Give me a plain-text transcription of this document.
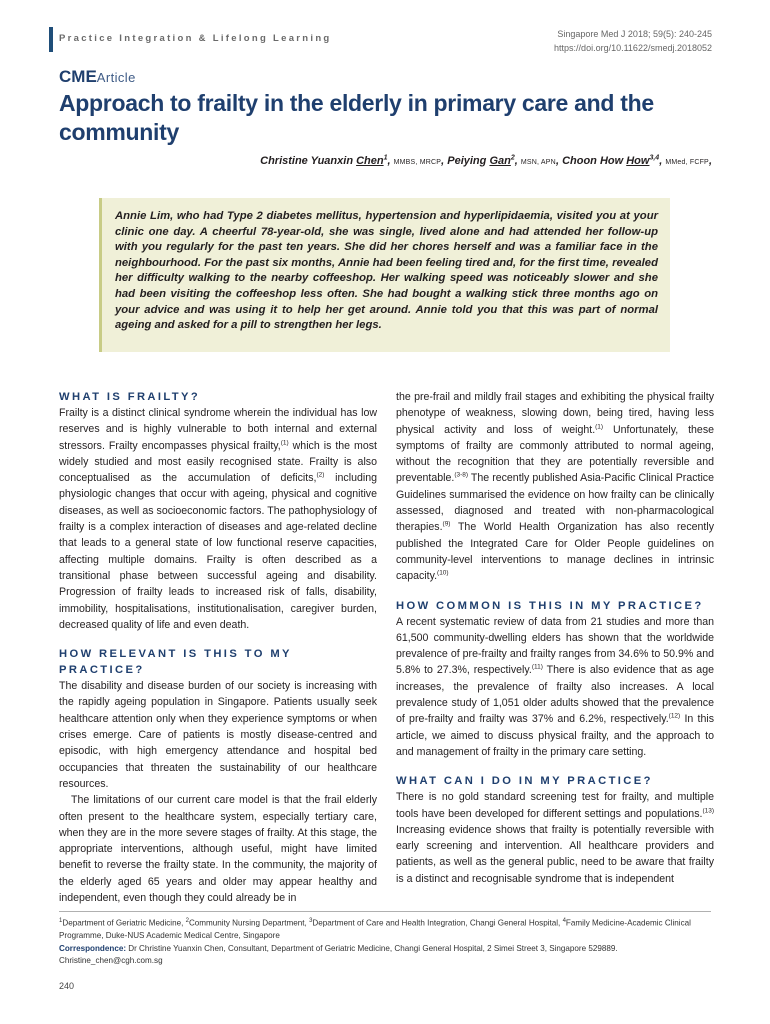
Practice Integration & Lifelong Learning	Singapore Med J 2018; 59(5): 240-245
https://doi.org/10.11622/smedj.2018052
CMEArticle
Approach to frailty in the elderly in primary care and the community
Christine Yuanxin Chen$^1$, MMBS, MRCP, Peiying Gan$^2$, MSN, APN, Choon How How$^{3,4}$, MMed, FCFP,

Annie Lim, who had Type 2 diabetes mellitus, hypertension and hyperlipidaemia, visited you at your clinic one day. A cheerful 78-year-old, she was single, lived alone and had attended her follow-up with you regularly for the past ten years. She did her chores herself and was a familiar face in the neighbourhood. For the past six months, Annie had been feeling tired and, for the first time, revealed her difficulty walking to the nearby coffeeshop. Her walking speed was noticeably slower and she had been visiting the coffeeshop less often. She had bought a walking stick three months ago on your advice and was using it to help her get around. Annie told you that this was part of normal ageing and asked for a pill to strengthen her legs.

WHAT IS FRAILTY?

Frailty is a distinct clinical syndrome wherein the individual has low reserves and is highly vulnerable to both internal and external stressors. Frailty encompasses physical frailty,$^{(1)}$ which is the most widely studied and most easily recognised state. Frailty is also conceptualised as the accumulation of deficits,$^{(2)}$ including physiologic changes that occur with ageing, physical and cognitive diseases, as well as socioeconomic factors. The pathophysiology of frailty is a complex interaction of diseases and age-related decline that leads to a general state of low functional reserve capacities, affecting multiple domains. Frailty is often described as a transitional phase between successful ageing and disability. Progression of frailty leads to increased risk of falls, disability, immobility, hospitalisations, institutionalisation, caregiver burden, decreased quality of life and even death.

HOW RELEVANT IS THIS TO MY PRACTICE?

The disability and disease burden of our society is increasing with the rapidly ageing population in Singapore. Patients usually seek healthcare attention only when they experience symptoms or when crises emerge. Care of patients is mostly disease-centred and episodic, with high emergency attendance and hospital bed occupancies that threaten the sustainability of our healthcare resources.

The limitations of our current care model is that the frail elderly often present to the healthcare system, especially tertiary care, when they are in the more severe stages of frailty. At this stage, the appropriate interventions, although useful, might have limited benefit to reverse the frailty state. In the community, the majority of the elderly aged 65 years and older may appear healthy and independent, even though they could already be in

the pre-frail and mildly frail stages and exhibiting the physical frailty phenotype of weakness, slowing down, being tired, having less physical activity and loss of weight.$^{(1)}$ Unfortunately, these symptoms of frailty are commonly attributed to normal ageing, without the recognition that they are potentially reversible and preventable.$^{(3-8)}$ The recently published Asia-Pacific Clinical Practice Guidelines summarised the evidence on how frailty can be clinically assessed, diagnosed and treated with non-pharmacological therapies.$^{(9)}$ The World Health Organization has also recently published the Integrated Care for Older People guidelines on community-level interventions to manage declines in intrinsic capacity.$^{(10)}$

HOW COMMON IS THIS IN MY PRACTICE?

A recent systematic review of data from 21 studies and more than 61,500 community-dwelling elders has shown that the worldwide prevalence of pre-frailty and frailty ranges from 34.6% to 50.9% and 5.8% to 27.3%, respectively.$^{(11)}$ There is also evidence that as age increases, the prevalence of frailty also increases. A local prevalence study of 1,051 older adults showed that the prevalence of pre-frailty and frailty was 37% and 6.2%, respectively.$^{(12)}$ In this article, we aimed to discuss physical frailty, and the approach to and management of frailty in the primary care setting.

WHAT CAN I DO IN MY PRACTICE?

There is no gold standard screening test for frailty, and multiple tools have been developed for different settings and populations.$^{(13)}$ Increasing evidence shows that frailty is potentially reversible with early screening and intervention. All healthcare providers and patients, as well as the general public, need to be aware that frailty is a distinct and recognisable syndrome that is independent

$^1$Department of Geriatric Medicine, $^2$Community Nursing Department, $^3$Department of Care and Health Integration, Changi General Hospital, $^4$Family Medicine-Academic Clinical Programme, Duke-NUS Academic Medical Centre, Singapore

Correspondence: Dr Christine Yuanxin Chen, Consultant, Department of Geriatric Medicine, Changi General Hospital, 2 Simei Street 3, Singapore 529889. Christine_chen@cgh.com.sg

240
